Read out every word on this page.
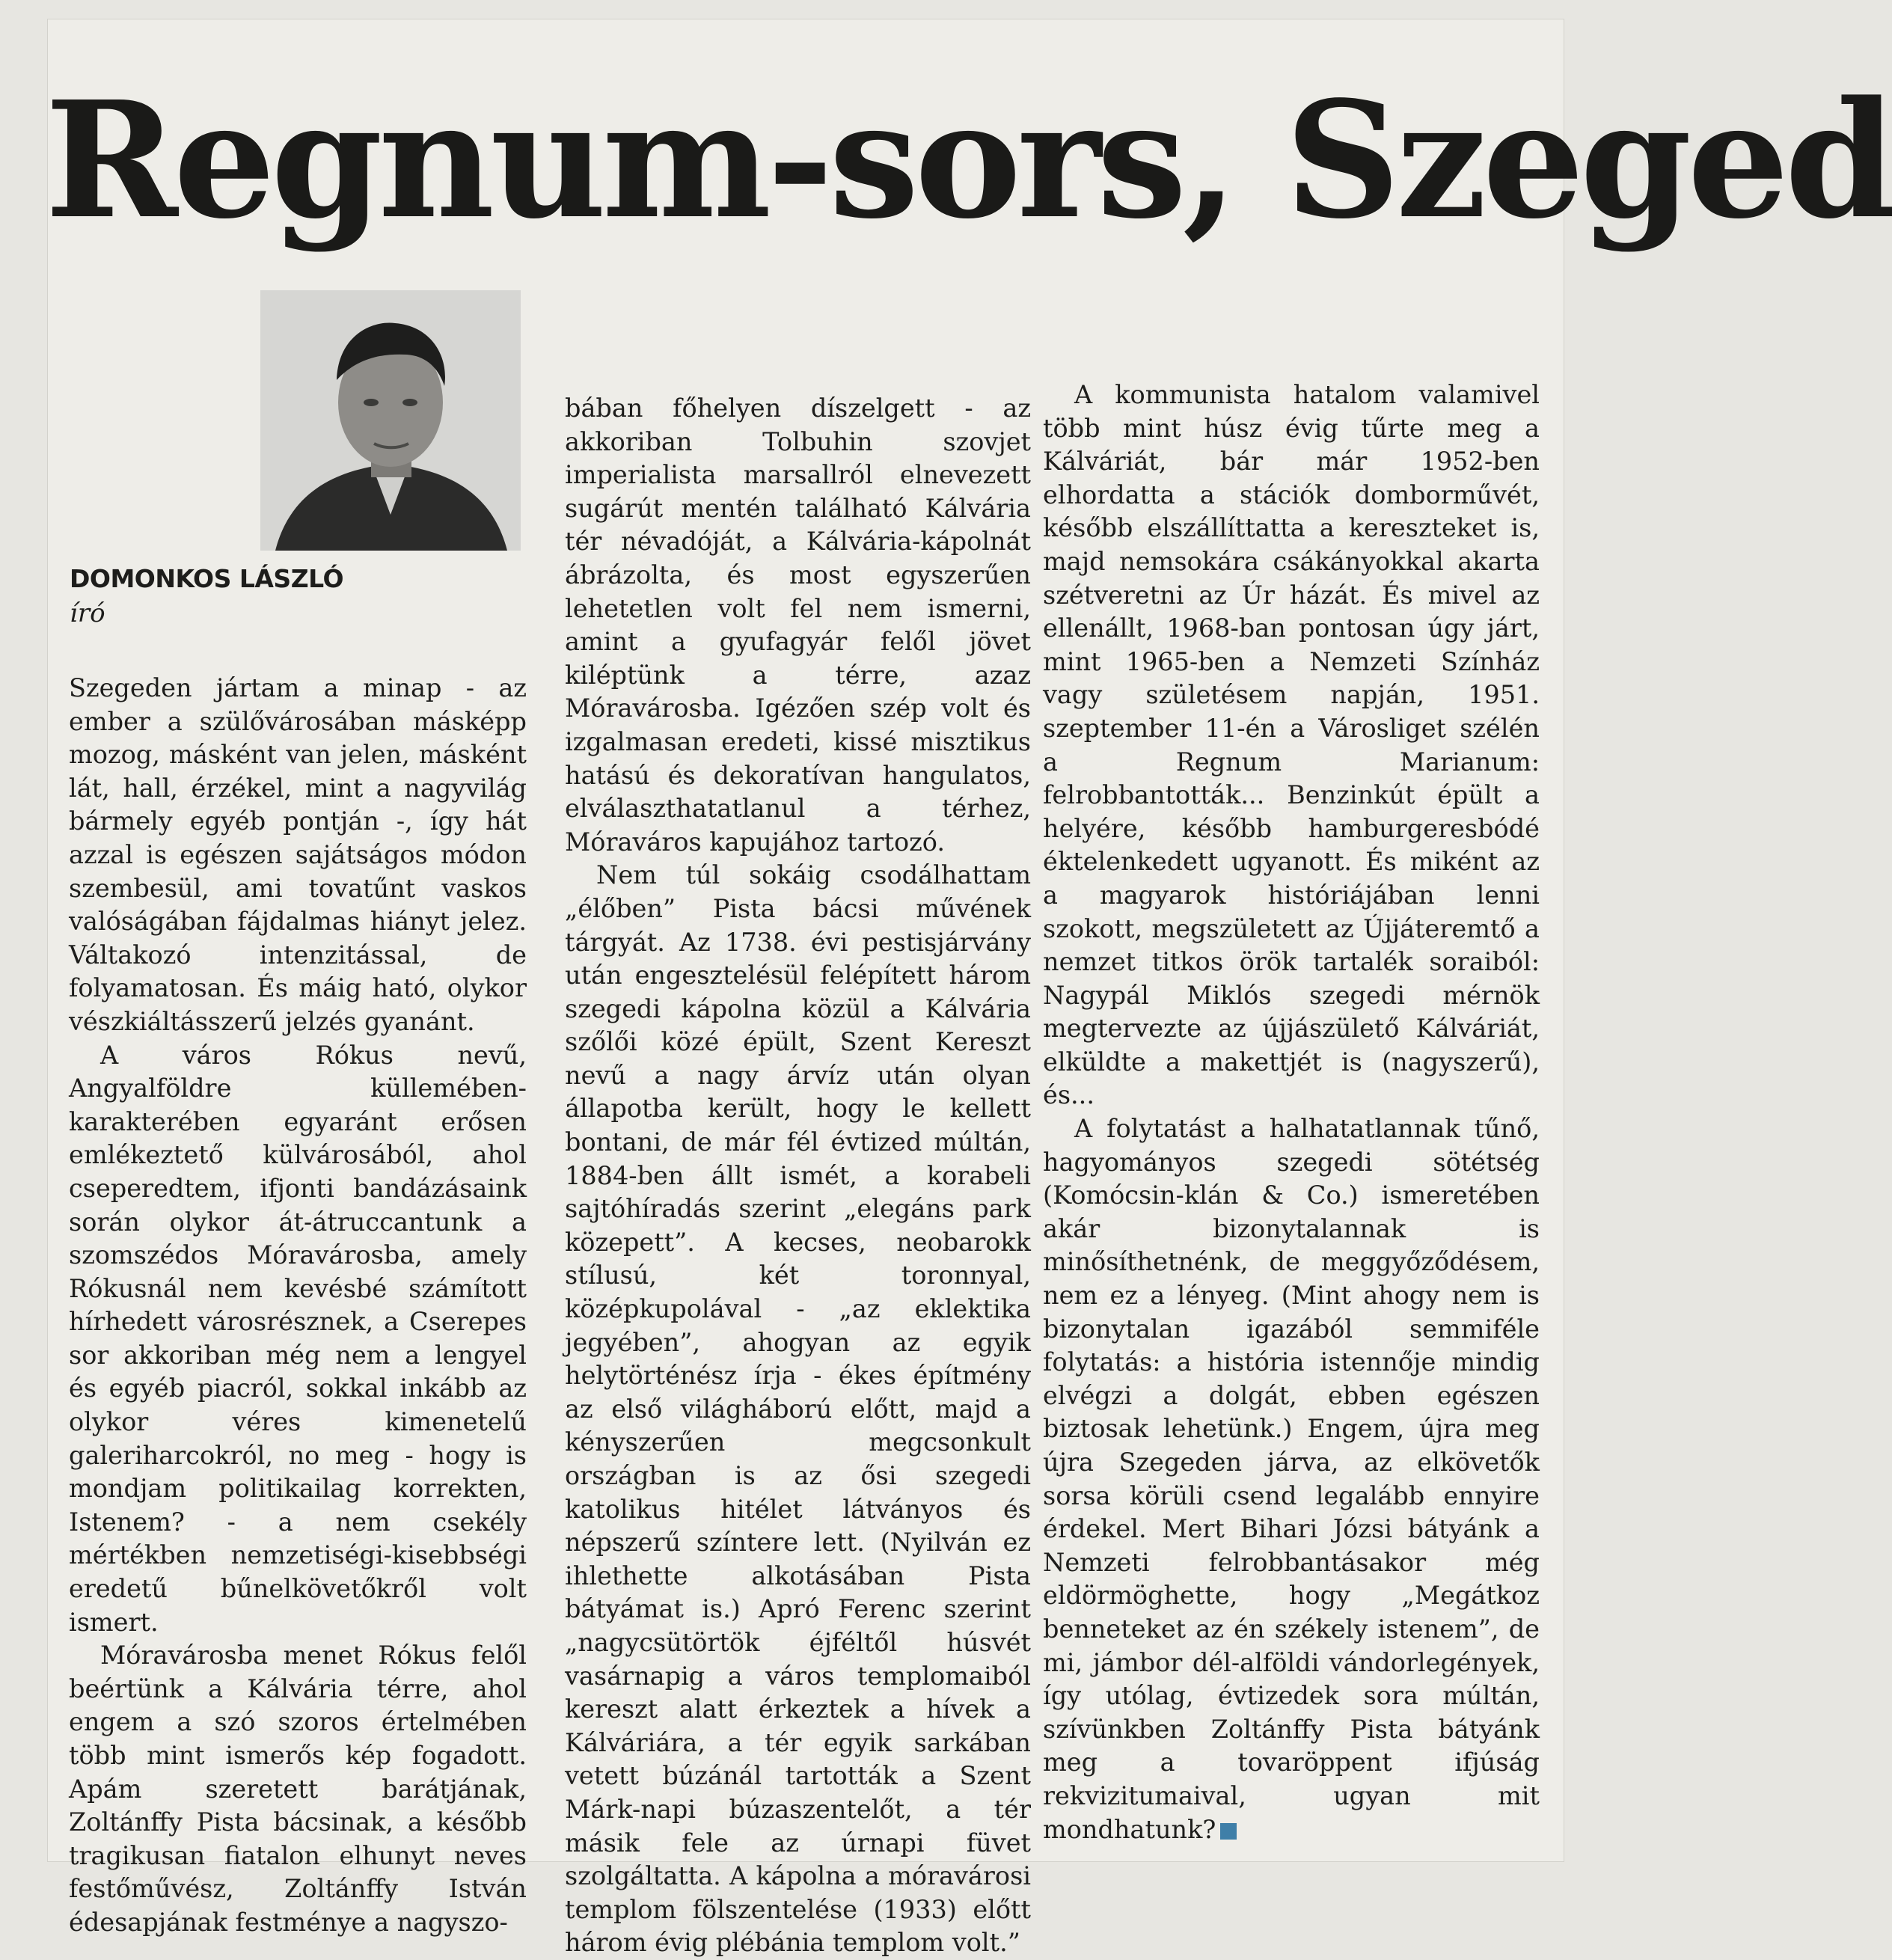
Regnum-sors, Szeged
DOMONKOS LÁSZLÓ
író

Szegeden jártam a minap - az ember a szülővárosában másképp mozog, másként van jelen, másként lát, hall, érzékel, mint a nagyvilág bármely egyéb pontján -, így hát azzal is egészen sajátságos módon szembesül, ami tovatűnt vaskos valóságában fájdalmas hiányt jelez. Váltakozó intenzitással, de folyamatosan. És máig ható, olykor vészkiáltásszerű jelzés gyanánt.

A város Rókus nevű, Angyalföldre küllemében-karakterében egyaránt erősen emlékeztető külvárosából, ahol cseperedtem, ifjonti bandázásaink során olykor át-átruccantunk a szomszédos Móravárosba, amely Rókusnál nem kevésbé számított hírhedett városrésznek, a Cserepes sor akkoriban még nem a lengyel és egyéb piacról, sokkal inkább az olykor véres kimenetelű galeriharcokról, no meg - hogy is mondjam politikailag korrekten, Istenem? - a nem csekély mértékben nemzetiségi-kisebbségi eredetű bűnelkövetőkről volt ismert.

Móravárosba menet Rókus felől beértünk a Kálvária térre, ahol engem a szó szoros értelmében több mint ismerős kép fogadott. Apám szeretett barátjának, Zoltánffy Pista bácsinak, a később tragikusan fiatalon elhunyt neves festőművész, Zoltánffy István édesapjának festménye a nagyszo-

bában főhelyen díszelgett - az akkoriban Tolbuhin szovjet imperialista marsallról elnevezett sugárút mentén található Kálvária tér névadóját, a Kálvária-kápolnát ábrázolta, és most egyszerűen lehetetlen volt fel nem ismerni, amint a gyufagyár felől jövet kiléptünk a térre, azaz Móravárosba. Igézően szép volt és izgalmasan eredeti, kissé misztikus hatású és dekoratívan hangulatos, elválaszthatatlanul a térhez, Móraváros kapujához tartozó.

Nem túl sokáig csodálhattam „élőben” Pista bácsi művének tárgyát. Az 1738. évi pestisjárvány után engesztelésül felépített három szegedi kápolna közül a Kálvária szőlői közé épült, Szent Kereszt nevű a nagy árvíz után olyan állapotba került, hogy le kellett bontani, de már fél évtized múltán, 1884-ben állt ismét, a korabeli sajtóhíradás szerint „elegáns park közepett”. A kecses, neobarokk stílusú, két toronnyal, középkupolával - „az eklektika jegyében”, ahogyan az egyik helytörténész írja - ékes építmény az első világháború előtt, majd a kényszerűen megcsonkult országban is az ősi szegedi katolikus hitélet látványos és népszerű színtere lett. (Nyilván ez ihlethette alkotásában Pista bátyámat is.) Apró Ferenc szerint „nagycsütörtök éjféltől húsvét vasárnapig a város templomaiból kereszt alatt érkeztek a hívek a Kálváriára, a tér egyik sarkában vetett búzánál tartották a Szent Márk-napi búzaszentelőt, a tér másik fele az úrnapi füvet szolgáltatta. A kápolna a móravárosi templom fölszentelése (1933) előtt három évig plébánia templom volt.”

A kommunista hatalom valamivel több mint húsz évig tűrte meg a Kálváriát, bár már 1952-ben elhordatta a stációk domborművét, később elszállíttatta a kereszteket is, majd nemsokára csákányokkal akarta szétveretni az Úr házát. És mivel az ellenállt, 1968-ban pontosan úgy járt, mint 1965-ben a Nemzeti Színház vagy születésem napján, 1951. szeptember 11-én a Városliget szélén a Regnum Marianum: felrobbantották... Benzinkút épült a helyére, később hamburgeresbódé éktelenkedett ugyanott. És miként az a magyarok históriájában lenni szokott, megszületett az Újjáteremtő a nemzet titkos örök tartalék soraiból: Nagypál Miklós szegedi mérnök megtervezte az újjászülető Kálváriát, elküldte a makettjét is (nagyszerű), és...

A folytatást a halhatatlannak tűnő, hagyományos szegedi sötétség (Komócsin-klán & Co.) ismeretében akár bizonytalannak is minősíthetnénk, de meggyőződésem, nem ez a lényeg. (Mint ahogy nem is bizonytalan igazából semmiféle folytatás: a história istennője mindig elvégzi a dolgát, ebben egészen biztosak lehetünk.) Engem, újra meg újra Szegeden járva, az elkövetők sorsa körüli csend legalább ennyire érdekel. Mert Bihari Józsi bátyánk a Nemzeti felrobbantásakor még eldörmöghette, hogy „Megátkoz benneteket az én székely istenem”, de mi, jámbor dél-alföldi vándorlegények, így utólag, évtizedek sora múltán, szívünkben Zoltánffy Pista bátyánk meg a tovaröppent ifjúság rekvizitumaival, ugyan mit mondhatunk?
